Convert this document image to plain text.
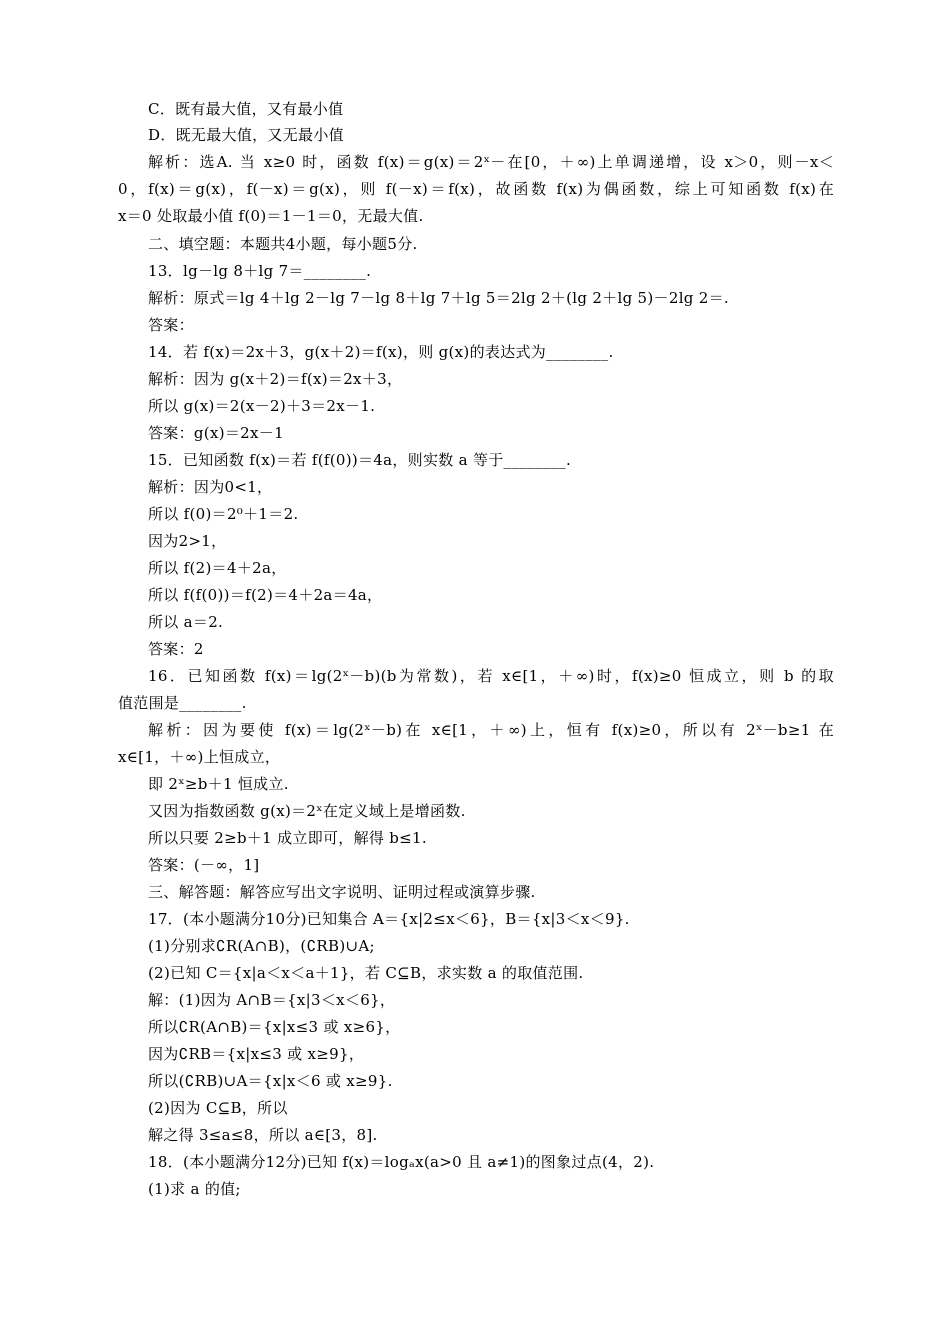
C．既有最大值，又有最小值
D．既无最大值，又无最小值
解析：选A. 当 x≥0 时，函数 f(x)＝g(x)＝2ˣ－在[0，＋∞)上单调递增，设 x＞0，则－x＜
0，f(x)＝g(x)，f(－x)＝g(x)，则 f(－x)＝f(x)，故函数 f(x)为偶函数，综上可知函数 f(x)在
x＝0 处取最小值 f(0)＝1－1＝0，无最大值.
二、填空题：本题共4小题，每小题5分.
13．lg－lg 8＋lg 7＝________.
解析：原式＝lg 4＋lg 2－lg 7－lg 8＋lg 7＋lg 5＝2lg 2＋(lg 2＋lg 5)－2lg 2＝.
答案：
14．若 f(x)＝2x＋3，g(x＋2)＝f(x)，则 g(x)的表达式为________.
解析：因为 g(x＋2)＝f(x)＝2x＋3，
所以 g(x)＝2(x－2)＋3＝2x－1.
答案：g(x)＝2x－1
15．已知函数 f(x)＝若 f(f(0))＝4a，则实数 a 等于________.
解析：因为0<1，
所以 f(0)＝2⁰＋1＝2.
因为2>1，
所以 f(2)＝4＋2a，
所以 f(f(0))＝f(2)＝4＋2a＝4a，
所以 a＝2.
答案：2
16．已知函数 f(x)＝lg(2ˣ－b)(b为常数)，若 x∈[1，＋∞)时，f(x)≥0 恒成立，则 b 的取
值范围是________.
解析：因为要使 f(x)＝lg(2ˣ－b)在 x∈[1，＋∞)上，恒有 f(x)≥0，所以有 2ˣ－b≥1 在
x∈[1，＋∞)上恒成立，
即 2ˣ≥b＋1 恒成立.
又因为指数函数 g(x)＝2ˣ在定义域上是增函数.
所以只要 2≥b＋1 成立即可，解得 b≤1.
答案：(－∞，1]
三、解答题：解答应写出文字说明、证明过程或演算步骤.
17．(本小题满分10分)已知集合 A＝{x|2≤x＜6}，B＝{x|3＜x＜9}.
(1)分别求∁R(A∩B)，(∁RB)∪A;
(2)已知 C＝{x|a＜x＜a＋1}，若 C⊆B，求实数 a 的取值范围.
解：(1)因为 A∩B＝{x|3＜x＜6}，
所以∁R(A∩B)＝{x|x≤3 或 x≥6}，
因为∁RB＝{x|x≤3 或 x≥9}，
所以(∁RB)∪A＝{x|x＜6 或 x≥9}.
(2)因为 C⊆B，所以
解之得 3≤a≤8，所以 a∈[3，8].
18．(本小题满分12分)已知 f(x)＝logₐx(a>0 且 a≠1)的图象过点(4，2).
(1)求 a 的值;
